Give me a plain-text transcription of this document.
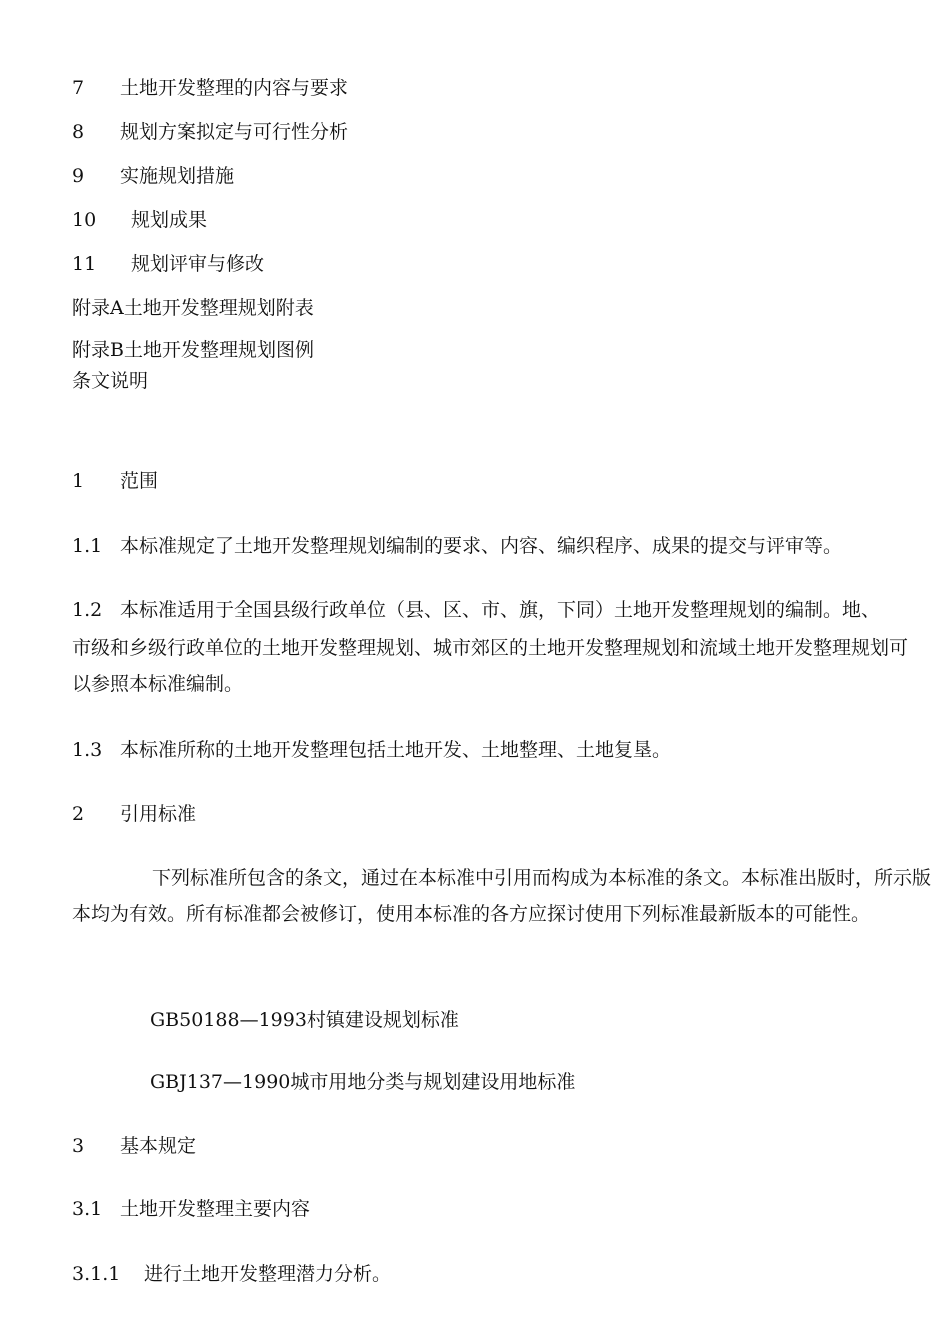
7 土地开发整理的内容与要求
8 规划方案拟定与可行性分析
9 实施规划措施
10 规划成果
11 规划评审与修改
附录A土地开发整理规划附表
附录B土地开发整理规划图例
条文说明
1 范围
1.1 本标准规定了土地开发整理规划编制的要求、内容、编织程序、成果的提交与评审等。
1.2 本标准适用于全国县级行政单位（县、区、市、旗，下同）土地开发整理规划的编制。地、
市级和乡级行政单位的土地开发整理规划、城市郊区的土地开发整理规划和流域土地开发整理规划可以参照本标准编制。
1.3 本标准所称的土地开发整理包括土地开发、土地整理、土地复垦。
2 引用标准
下列标准所包含的条文，通过在本标准中引用而构成为本标准的条文。本标准出版时，所示版本均为有效。所有标准都会被修订，使用本标准的各方应探讨使用下列标准最新版本的可能性。
GB50188—1993村镇建设规划标准
GBJ137—1990城市用地分类与规划建设用地标准
3 基本规定
3.1 土地开发整理主要内容
3.1.1 进行土地开发整理潜力分析。
